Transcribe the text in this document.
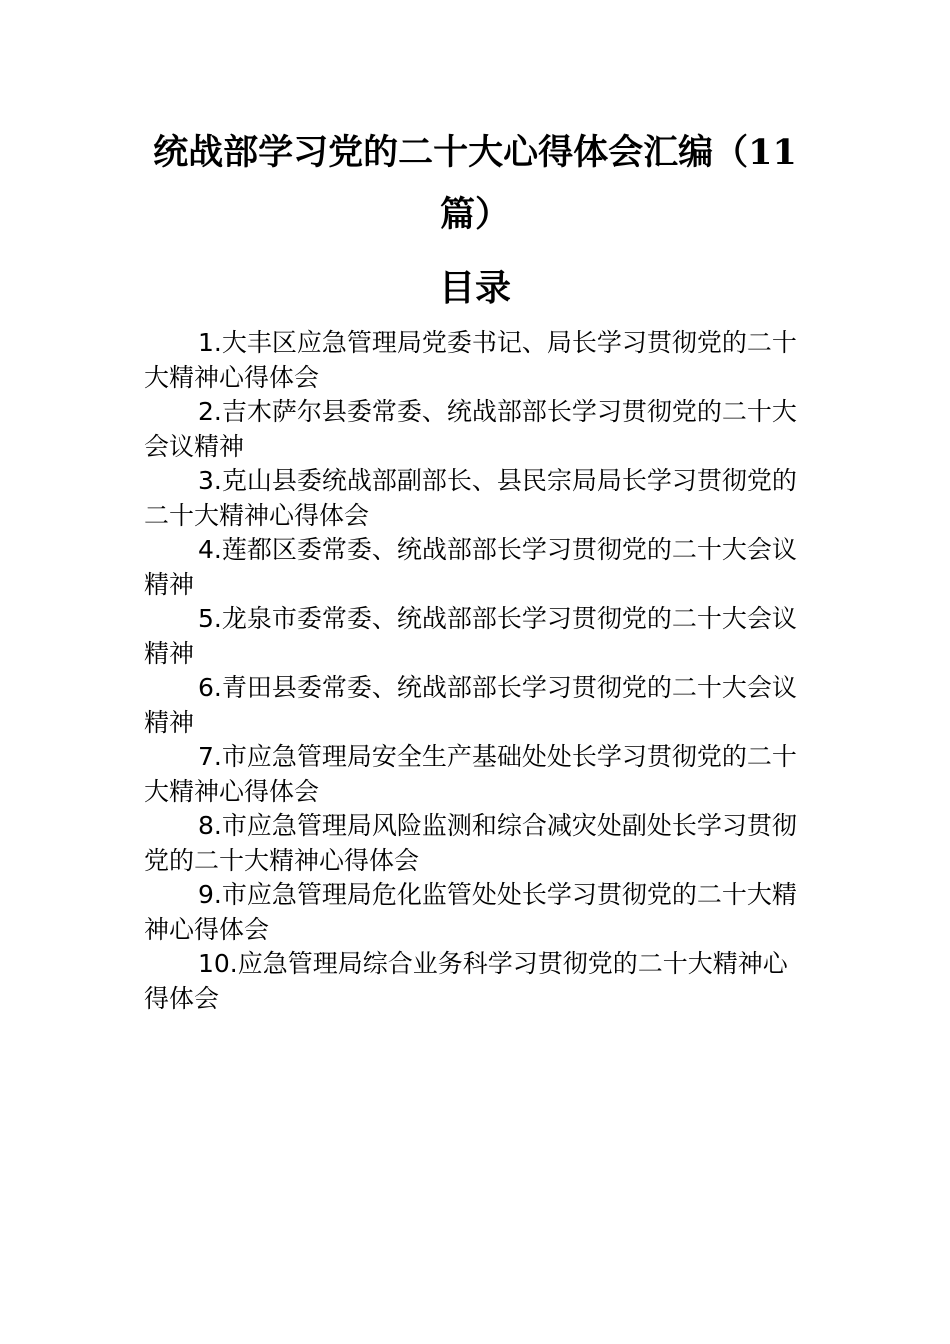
统战部学习党的二十大心得体会汇编（11篇）
目录
1.大丰区应急管理局党委书记、局长学习贯彻党的二十大精神心得体会
2.吉木萨尔县委常委、统战部部长学习贯彻党的二十大会议精神
3.克山县委统战部副部长、县民宗局局长学习贯彻党的二十大精神心得体会
4.莲都区委常委、统战部部长学习贯彻党的二十大会议精神
5.龙泉市委常委、统战部部长学习贯彻党的二十大会议精神
6.青田县委常委、统战部部长学习贯彻党的二十大会议精神
7.市应急管理局安全生产基础处处长学习贯彻党的二十大精神心得体会
8.市应急管理局风险监测和综合减灾处副处长学习贯彻党的二十大精神心得体会
9.市应急管理局危化监管处处长学习贯彻党的二十大精神心得体会
10.应急管理局综合业务科学习贯彻党的二十大精神心得体会
